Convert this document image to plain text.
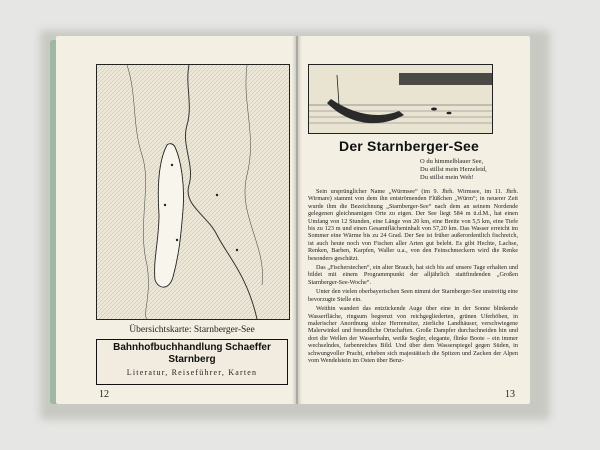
Übersichtskarte: Starnberger-See
Bahnhofbuchhandlung Schaeffer
Starnberg
Literatur, Reiseführer, Karten
12
Der Starnberger-See
O du himmelblauer See,
Du stillst mein Herzeleid,
Du stillst mein Weh!

Sein ursprünglicher Name „Würmsee“ (im 9. Jhrh. Wirmsee, im 11. Jhrh. Wirmare) stammt von dem ihn entströmenden Flüßchen „Würm“; in neuerer Zeit wurde ihm die Bezeichnung „Starnberger-See“ nach dem an seinem Nordende gelegenen gleichnamigen Orte zu eigen. Der See liegt 584 m ü.d.M., hat einen Umfang von 12 Stunden, eine Länge von 20 km, eine Breite von 5,5 km, eine Tiefe bis zu 123 m und einen Gesamtflächeninhalt von 57,20 km. Das Wasser erreicht im Sommer eine Wärme bis zu 24 Grad. Der See ist früher außerordentlich fischreich, ist auch heute noch von Fischen aller Arten gut belebt. Es gibt Hechte, Lachse, Renken, Barben, Karpfen, Waller u.a., von den Feinschmeckern wird die Renke besonders geschätzt.

Das „Fischerstechen“, ein alter Brauch, hat sich bis auf unsere Tage erhalten und bildet mit einem Programmpunkt der alljährlich stattfindenden „Großen Starnberger-See-Woche“.

Unter den vielen oberbayerischen Seen nimmt der Starnberger-See unstreitig eine bevorzugte Stelle ein.

Weithin wandert das entzückende Auge über eine in der Sonne blinkende Wasserfläche, ringsum begrenzt von reichgegliederten, grünen Uferhöhen, in malerischer Anordnung stolze Herrensitze, zierliche Landhäuser, verschwiegene Malerwinkel und freundliche Ortschaften. Große Dampfer durchschneiden hin und dort die Wellen der Wasserbahn, weiße Segler, elegante, flinke Boote – ein immer wechselndes, farbenreiches Bild. Und über dem Wasserspiegel gegen Süden, in schwungvoller Pracht, erheben sich majestätisch die Spitzen und Zacken der Alpen vom Wendelstein im Osten über Benz-

13
